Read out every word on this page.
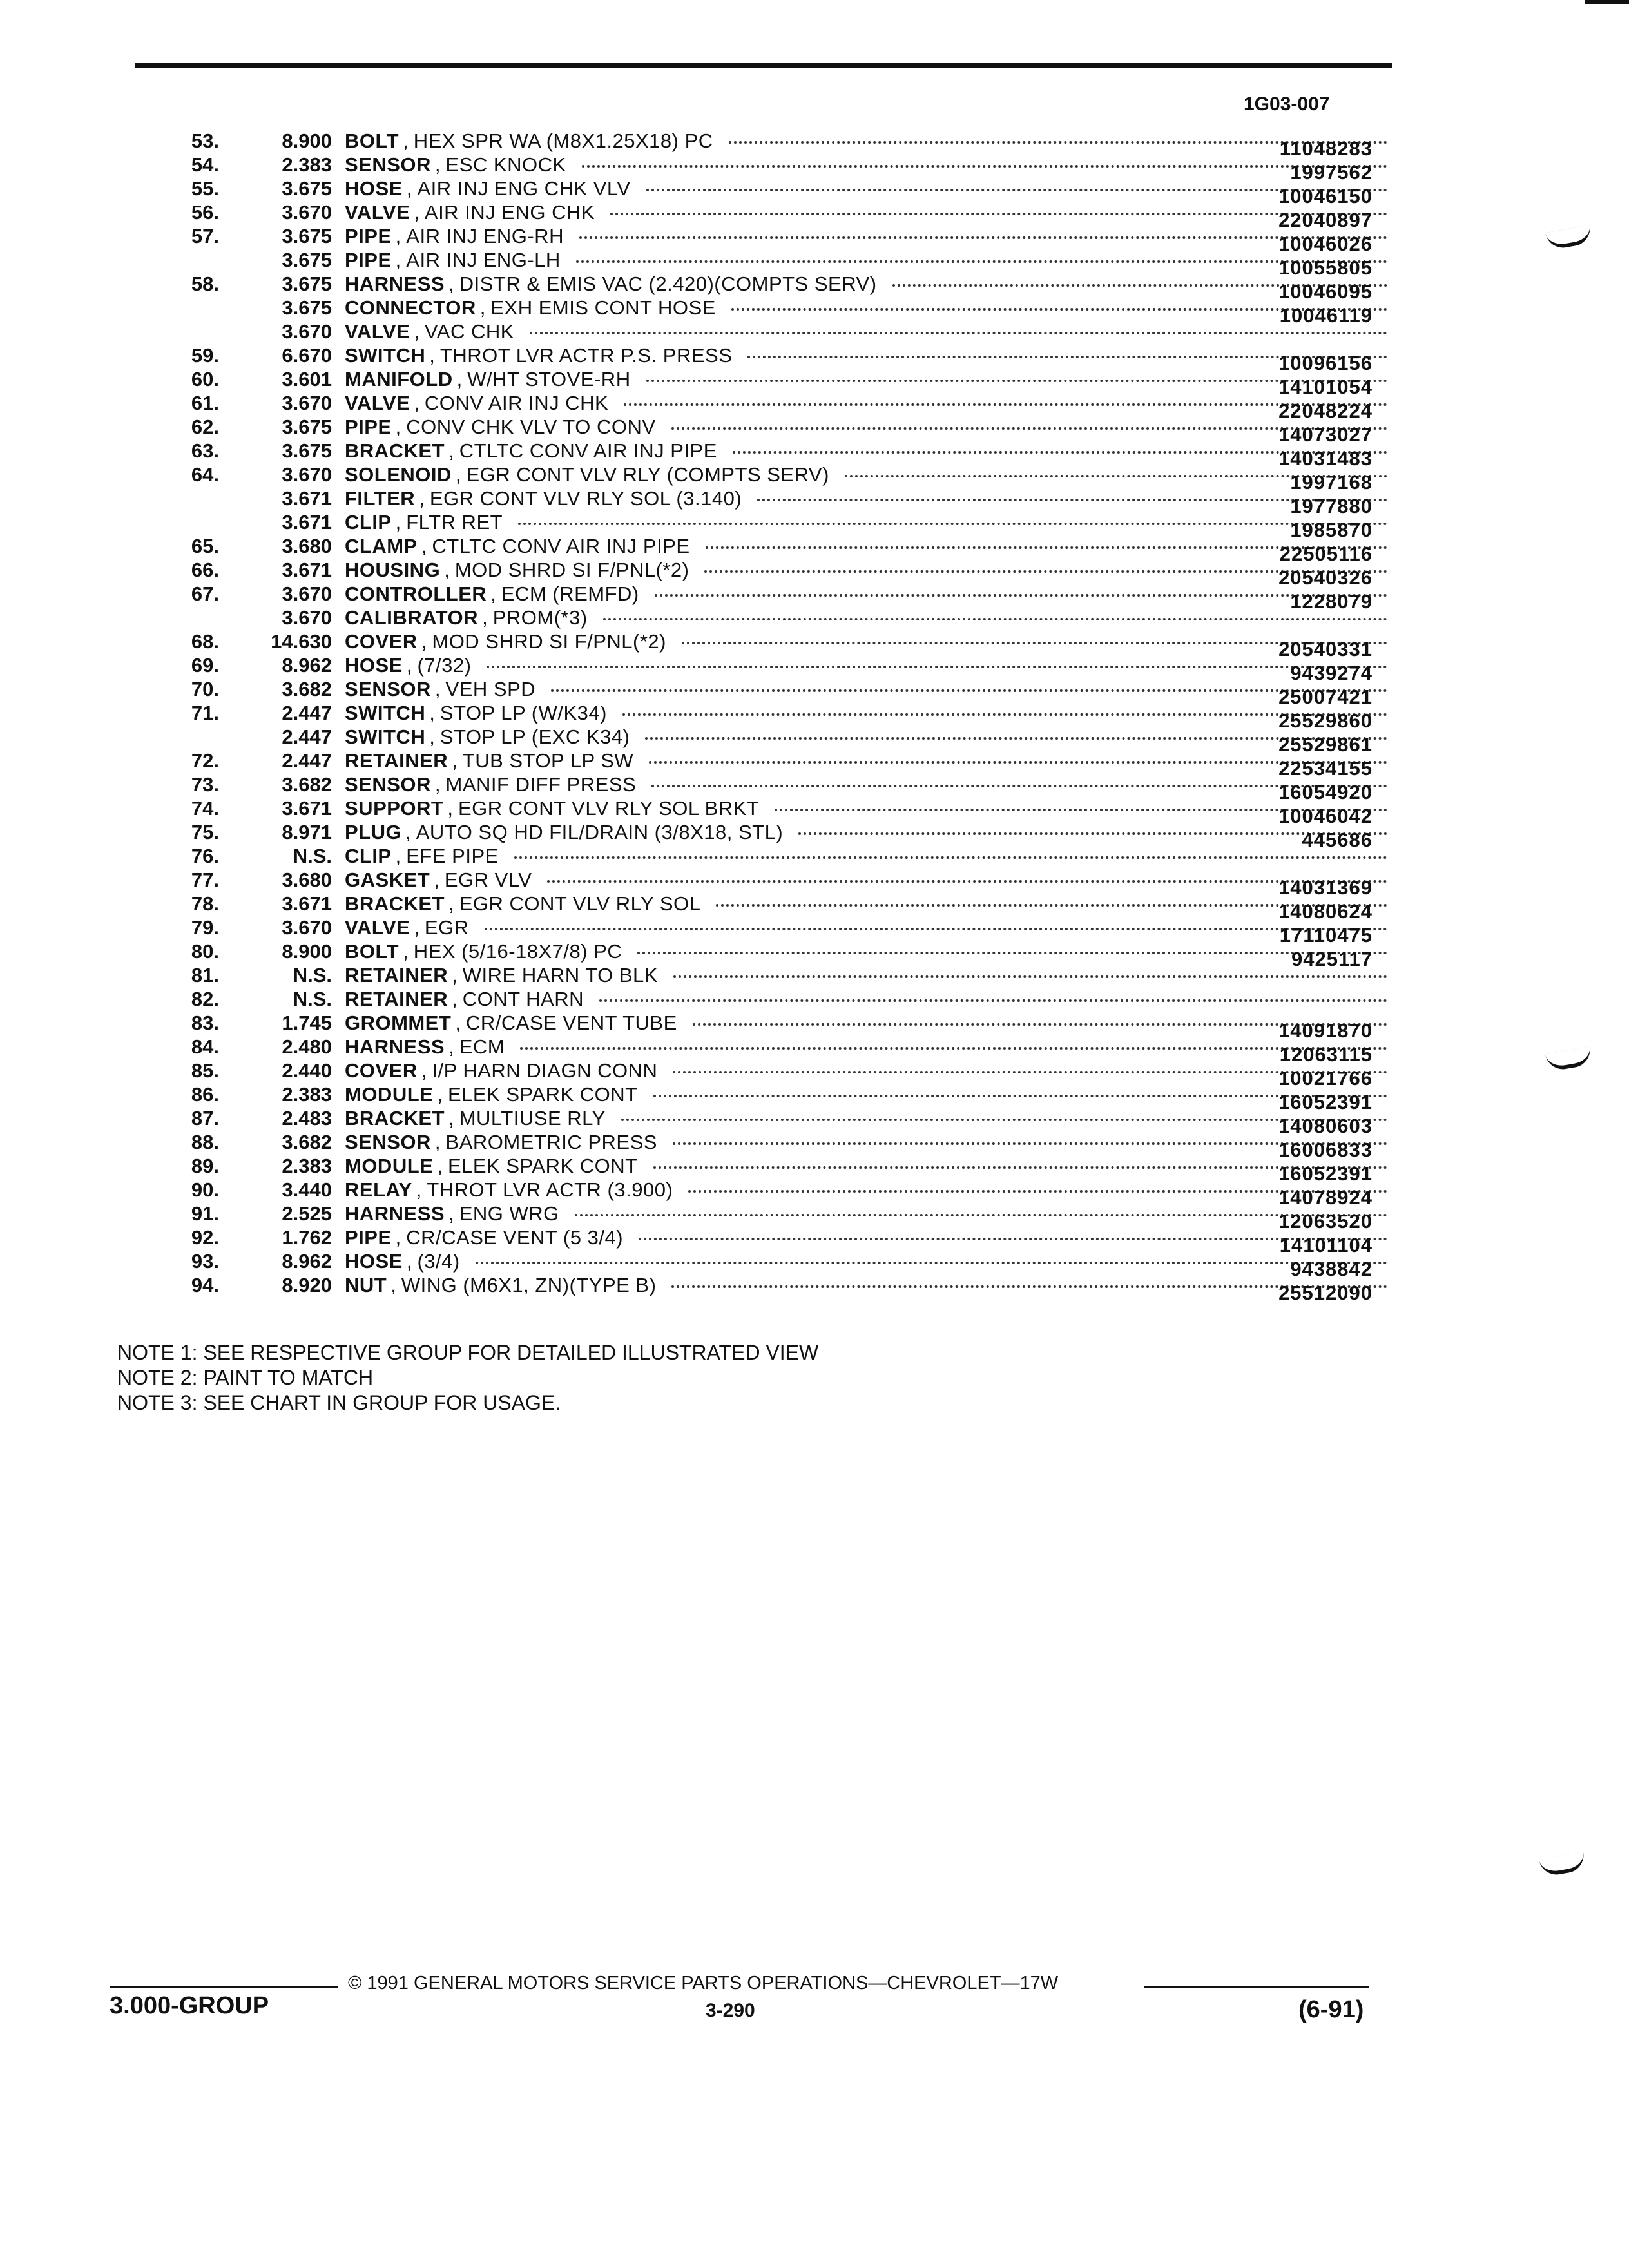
1G03-007
53.	8.900 BOLT , HEX SPR WA (M8X1.25X18) PC	11048283
54.	2.383 SENSOR , ESC KNOCK	1997562
55.	3.675 HOSE , AIR INJ ENG CHK VLV	10046150
56.	3.670 VALVE , AIR INJ ENG CHK	22040897
57.	3.675 PIPE , AIR INJ ENG-RH	10046026
3.675 PIPE , AIR INJ ENG-LH	10055805
58.	3.675 HARNESS , DISTR & EMIS VAC (2.420)(COMPTS SERV)	10046095
3.675 CONNECTOR , EXH EMIS CONT HOSE	10046119
3.670 VALVE , VAC CHK
59.	6.670 SWITCH , THROT LVR ACTR P.S. PRESS	10096156
60.	3.601 MANIFOLD , W/HT STOVE-RH	14101054
61.	3.670 VALVE , CONV AIR INJ CHK	22048224
62.	3.675 PIPE , CONV CHK VLV TO CONV	14073027
63.	3.675 BRACKET , CTLTC CONV AIR INJ PIPE	14031483
64.	3.670 SOLENOID , EGR CONT VLV RLY (COMPTS SERV)	1997168
3.671 FILTER , EGR CONT VLV RLY SOL (3.140)	1977880
3.671 CLIP , FLTR RET	1985870
65.	3.680 CLAMP , CTLTC CONV AIR INJ PIPE	22505116
66.	3.671 HOUSING , MOD SHRD SI F/PNL(*2)	20540326
67.	3.670 CONTROLLER , ECM (REMFD)	1228079
3.670 CALIBRATOR , PROM(*3)
68.	14.630 COVER , MOD SHRD SI F/PNL(*2)	20540331
69.	8.962 HOSE , (7/32)	9439274
70.	3.682 SENSOR , VEH SPD	25007421
71.	2.447 SWITCH , STOP LP (W/K34)	25529860
2.447 SWITCH , STOP LP (EXC K34)	25529861
72.	2.447 RETAINER , TUB STOP LP SW	22534155
73.	3.682 SENSOR , MANIF DIFF PRESS	16054920
74.	3.671 SUPPORT , EGR CONT VLV RLY SOL BRKT	10046042
75.	8.971 PLUG , AUTO SQ HD FIL/DRAIN (3/8X18, STL)	445686
76.	N.S. CLIP , EFE PIPE
77.	3.680 GASKET , EGR VLV	14031369
78.	3.671 BRACKET , EGR CONT VLV RLY SOL	14080624
79.	3.670 VALVE , EGR	17110475
80.	8.900 BOLT , HEX (5/16-18X7/8) PC	9425117
81.	N.S. RETAINER , WIRE HARN TO BLK
82.	N.S. RETAINER , CONT HARN
83.	1.745 GROMMET , CR/CASE VENT TUBE	14091870
84.	2.480 HARNESS , ECM	12063115
85.	2.440 COVER , I/P HARN DIAGN CONN	10021766
86.	2.383 MODULE , ELEK SPARK CONT	16052391
87.	2.483 BRACKET , MULTIUSE RLY	14080603
88.	3.682 SENSOR , BAROMETRIC PRESS	16006833
89.	2.383 MODULE , ELEK SPARK CONT	16052391
90.	3.440 RELAY , THROT LVR ACTR (3.900)	14078924
91.	2.525 HARNESS , ENG WRG	12063520
92.	1.762 PIPE , CR/CASE VENT (5 3/4)	14101104
93.	8.962 HOSE , (3/4)	9438842
94.	8.920 NUT , WING (M6X1, ZN)(TYPE B)	25512090
NOTE 1: SEE RESPECTIVE GROUP FOR DETAILED ILLUSTRATED VIEW
NOTE 2: PAINT TO MATCH
NOTE 3: SEE CHART IN GROUP FOR USAGE.
© 1991 GENERAL MOTORS SERVICE PARTS OPERATIONS—CHEVROLET—17W
3.000-GROUP	3-290	(6-91)
